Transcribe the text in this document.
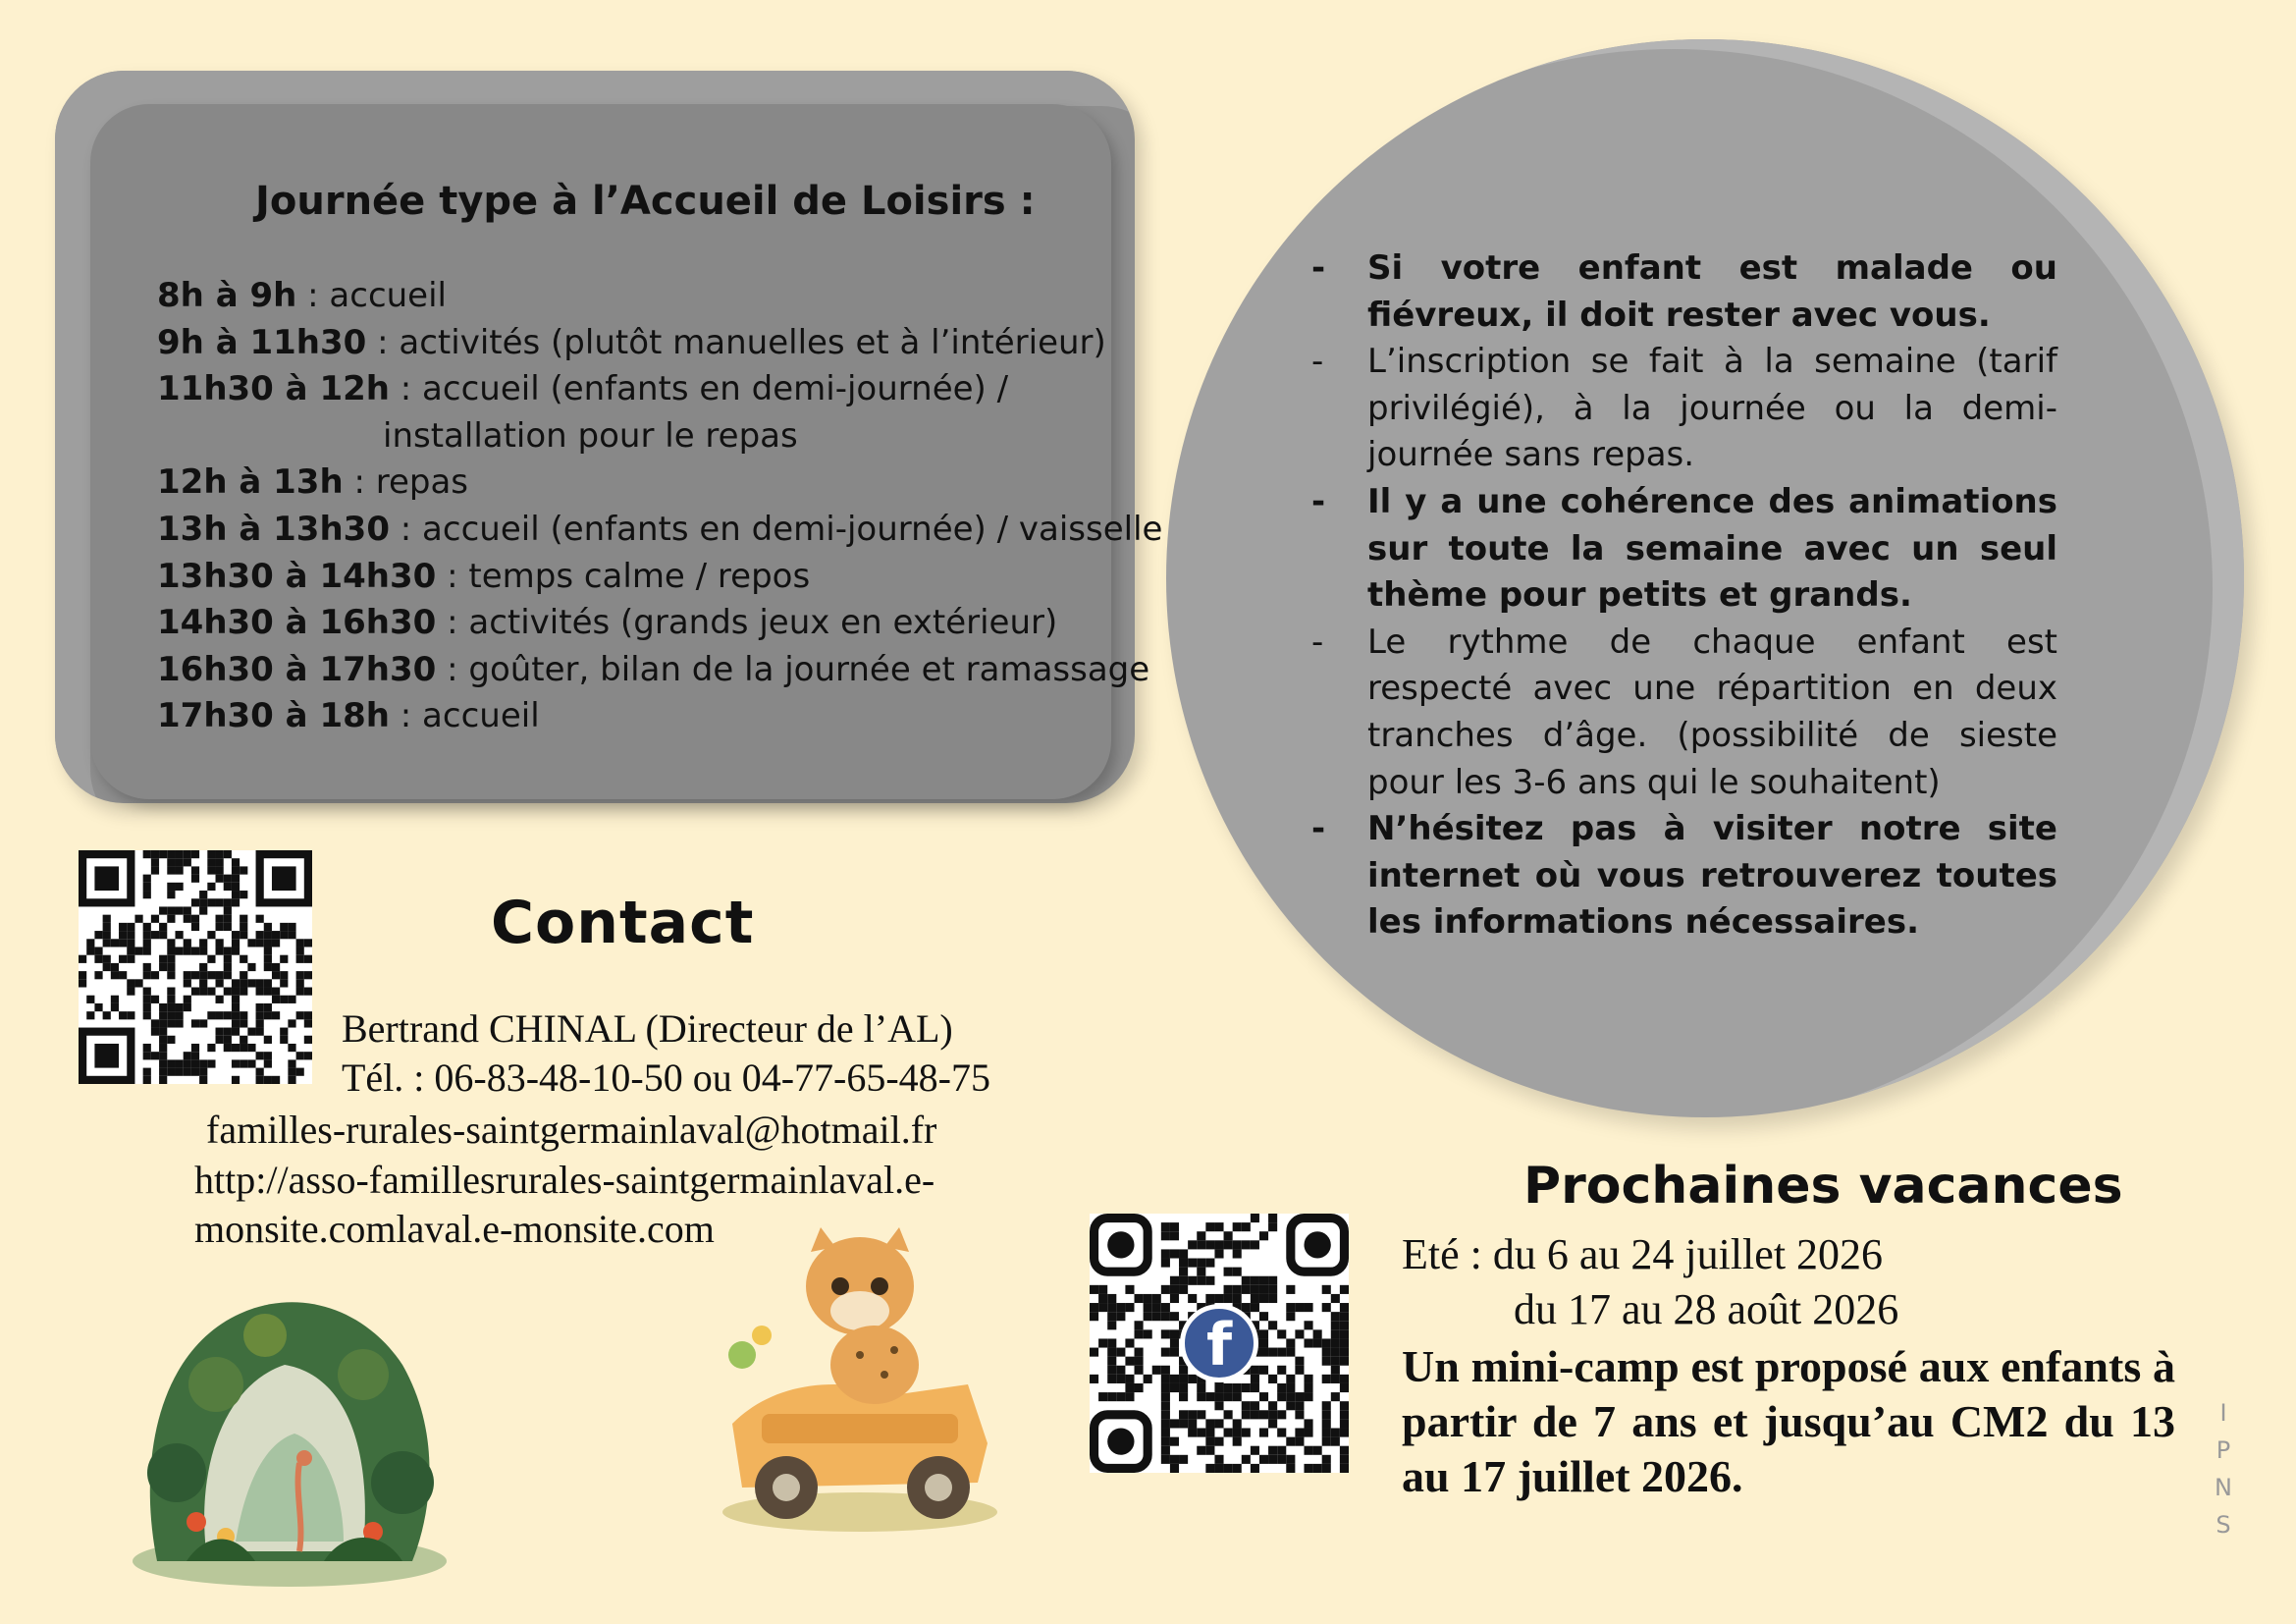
Journée type à l’Accueil de Loisirs :
8h à 9h : accueil
9h à 11h30 : activités (plutôt manuelles et à l’intérieur)
11h30 à 12h : accueil (enfants en demi-journée) /
installation pour le repas
12h à 13h : repas
13h à 13h30 : accueil (enfants en demi-journée) / vaisselle
13h30 à 14h30 : temps calme / repos
14h30 à 16h30 : activités (grands jeux en extérieur)
16h30 à 17h30 : goûter, bilan de la journée et ramassage
17h30 à 18h : accueil
- Si votre enfant est malade ou fiévreux, il doit rester avec vous.
- L’inscription se fait à la semaine (tarif privilégié), à la journée ou la demi-journée sans repas.
- Il y a une cohérence des animations sur toute la semaine avec un seul thème pour petits et grands.
- Le rythme de chaque enfant est respecté avec une répartition en deux tranches d’âge. (possibilité de sieste pour les 3-6 ans qui le souhaitent)
- N’hésitez pas à visiter notre site internet où vous retrouverez toutes les informations nécessaires.
Contact
Bertrand CHINAL (Directeur de l’AL)
Tél. : 06-83-48-10-50 ou 04-77-65-48-75
familles-rurales-saintgermainlaval@hotmail.fr
http://asso-famillesrurales-saintgermainlaval.e-
monsite.comlaval.e-monsite.com
f
Prochaines vacances
Eté : du 6 au 24 juillet 2026
du 17 au 28 août 2026
Un mini-camp est proposé aux enfants à partir de 7 ans et jusqu’au CM2 du 13 au 17 juillet 2026.
I P N S
